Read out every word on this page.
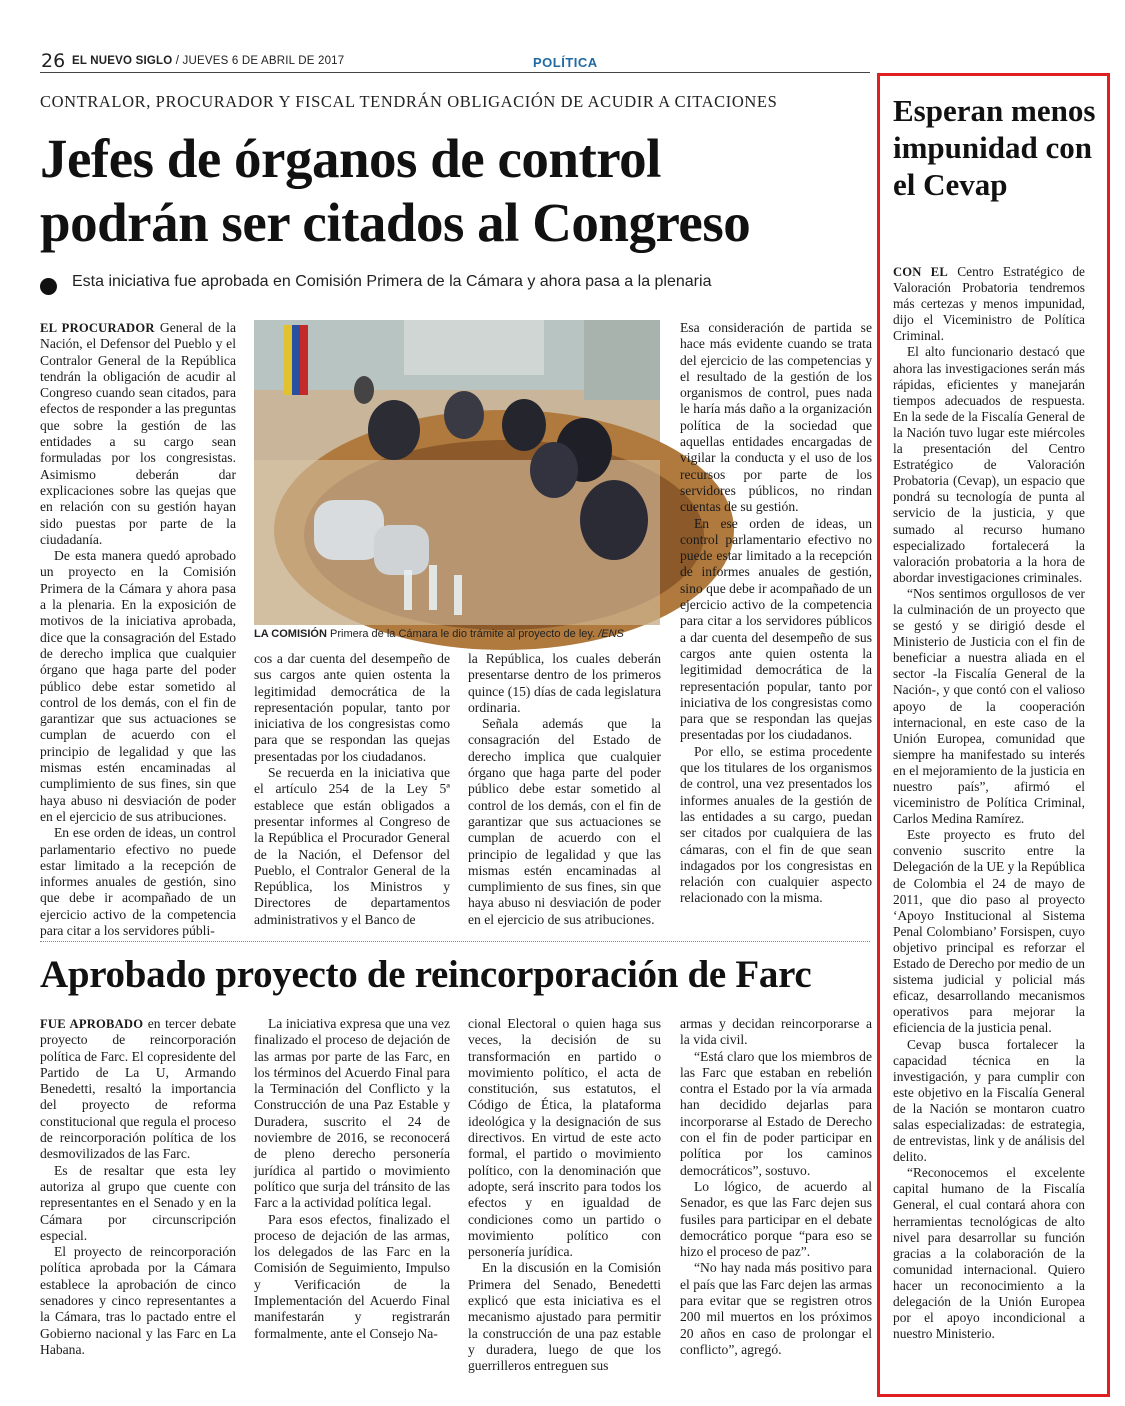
26 EL NUEVO SIGLO / JUEVES 6 DE ABRIL DE 2017	POLÍTICA
CONTRALOR, PROCURADOR Y FISCAL TENDRÁN OBLIGACIÓN DE ACUDIR A CITACIONES
Jefes de órganos de control
podrán ser citados al Congreso
Esta iniciativa fue aprobada en Comisión Primera de la Cámara y ahora pasa a la plenaria

EL PROCURADOR General de la Nación, el Defensor del Pueblo y el Contralor General de la República tendrán la obligación de acudir al Congreso cuando sean citados, para efectos de responder a las preguntas que sobre la gestión de las entidades a su cargo sean formuladas por los congresistas. Asimismo deberán dar explicaciones sobre las quejas que en relación con su gestión hayan sido puestas por parte de la ciudadanía.

De esta manera quedó aprobado un proyecto en la Comisión Primera de la Cámara y ahora pasa a la plenaria. En la exposición de motivos de la iniciativa aprobada, dice que la consagración del Estado de derecho implica que cualquier órgano que haga parte del poder público debe estar sometido al control de los demás, con el fin de garantizar que sus actuaciones se cumplan de acuerdo con el principio de legalidad y que las mismas estén encaminadas al cumplimiento de sus fines, sin que haya abuso ni desviación de poder en el ejercicio de sus atribuciones.

En ese orden de ideas, un control parlamentario efectivo no puede estar limitado a la recepción de informes anuales de gestión, sino que debe ir acompañado de un ejercicio activo de la competencia para citar a los servidores públi-

LA COMISIÓN Primera de la Cámara le dio trámite al proyecto de ley. /ENS

cos a dar cuenta del desempeño de sus cargos ante quien ostenta la legitimidad democrática de la representación popular, tanto por iniciativa de los congresistas como para que se respondan las quejas presentadas por los ciudadanos.

Se recuerda en la iniciativa que el artículo 254 de la Ley 5ª establece que están obligados a presentar informes al Congreso de la República el Procurador General de la Nación, el Defensor del Pueblo, el Contralor General de la República, los Ministros y Directores de departamentos administrativos y el Banco de

la República, los cuales deberán presentarse dentro de los primeros quince (15) días de cada legislatura ordinaria.

Señala además que la consagración del Estado de derecho implica que cualquier órgano que haga parte del poder público debe estar sometido al control de los demás, con el fin de garantizar que sus actuaciones se cumplan de acuerdo con el principio de legalidad y que las mismas estén encaminadas al cumplimiento de sus fines, sin que haya abuso ni desviación de poder en el ejercicio de sus atribuciones.

Esa consideración de partida se hace más evidente cuando se trata del ejercicio de las competencias y el resultado de la gestión de los organismos de control, pues nada le haría más daño a la organización política de la sociedad que aquellas entidades encargadas de vigilar la conducta y el uso de los recursos por parte de los servidores públicos, no rindan cuentas de su gestión.

En ese orden de ideas, un control parlamentario efectivo no puede estar limitado a la recepción de informes anuales de gestión, sino que debe ir acompañado de un ejercicio activo de la competencia para citar a los servidores públicos a dar cuenta del desempeño de sus cargos ante quien ostenta la legitimidad democrática de la representación popular, tanto por iniciativa de los congresistas como para que se respondan las quejas presentadas por los ciudadanos.

Por ello, se estima procedente que los titulares de los organismos de control, una vez presentados los informes anuales de la gestión de las entidades a su cargo, puedan ser citados por cualquiera de las cámaras, con el fin de que sean indagados por los congresistas en relación con cualquier aspecto relacionado con la misma.

Aprobado proyecto de reincorporación de Farc

FUE APROBADO en tercer debate proyecto de reincorporación política de Farc. El copresidente del Partido de La U, Armando Benedetti, resaltó la importancia del proyecto de reforma constitucional que regula el proceso de reincorporación política de los desmovilizados de las Farc.

Es de resaltar que esta ley autoriza al grupo que cuente con representantes en el Senado y en la Cámara por circunscripción especial.

El proyecto de reincorporación política aprobada por la Cámara establece la aprobación de cinco senadores y cinco representantes a la Cámara, tras lo pactado entre el Gobierno nacional y las Farc en La Habana.

La iniciativa expresa que una vez finalizado el proceso de dejación de las armas por parte de las Farc, en los términos del Acuerdo Final para la Terminación del Conflicto y la Construcción de una Paz Estable y Duradera, suscrito el 24 de noviembre de 2016, se reconocerá de pleno derecho personería jurídica al partido o movimiento político que surja del tránsito de las Farc a la actividad política legal.

Para esos efectos, finalizado el proceso de dejación de las armas, los delegados de las Farc en la Comisión de Seguimiento, Impulso y Verificación de la Implementación del Acuerdo Final manifestarán y registrarán formalmente, ante el Consejo Na-

cional Electoral o quien haga sus veces, la decisión de su transformación en partido o movimiento político, el acta de constitución, sus estatutos, el Código de Ética, la plataforma ideológica y la designación de sus directivos. En virtud de este acto formal, el partido o movimiento político, con la denominación que adopte, será inscrito para todos los efectos y en igualdad de condiciones como un partido o movimiento político con personería jurídica.

En la discusión en la Comisión Primera del Senado, Benedetti explicó que esta iniciativa es el mecanismo ajustado para permitir la construcción de una paz estable y duradera, luego de que los guerrilleros entreguen sus

armas y decidan reincorporarse a la vida civil.

“Está claro que los miembros de las Farc que estaban en rebelión contra el Estado por la vía armada han decidido dejarlas para incorporarse al Estado de Derecho con el fin de poder participar en política por los caminos democráticos”, sostuvo.

Lo lógico, de acuerdo al Senador, es que las Farc dejen sus fusiles para participar en el debate democrático porque “para eso se hizo el proceso de paz”.

“No hay nada más positivo para el país que las Farc dejen las armas para evitar que se registren otros 200 mil muertos en los próximos 20 años en caso de prolongar el conflicto”, agregó.

Esperan menos impunidad con el Cevap

CON EL Centro Estratégico de Valoración Probatoria tendremos más certezas y menos impunidad, dijo el Viceministro de Política Criminal.

El alto funcionario destacó que ahora las investigaciones serán más rápidas, eficientes y manejarán tiempos adecuados de respuesta. En la sede de la Fiscalía General de la Nación tuvo lugar este miércoles la presentación del Centro Estratégico de Valoración Probatoria (Cevap), un espacio que pondrá su tecnología de punta al servicio de la justicia, y que sumado al recurso humano especializado fortalecerá la valoración probatoria a la hora de abordar investigaciones criminales.

“Nos sentimos orgullosos de ver la culminación de un proyecto que se gestó y se dirigió desde el Ministerio de Justicia con el fin de beneficiar a nuestra aliada en el sector -la Fiscalía General de la Nación-, y que contó con el valioso apoyo de la cooperación internacional, en este caso de la Unión Europea, comunidad que siempre ha manifestado su interés en el mejoramiento de la justicia en nuestro país”, afirmó el viceministro de Política Criminal, Carlos Medina Ramírez.

Este proyecto es fruto del convenio suscrito entre la Delegación de la UE y la República de Colombia el 24 de mayo de 2011, que dio paso al proyecto ‘Apoyo Institucional al Sistema Penal Colombiano’ Forsispen, cuyo objetivo principal es reforzar el Estado de Derecho por medio de un sistema judicial y policial más eficaz, desarrollando mecanismos operativos para mejorar la eficiencia de la justicia penal.

Cevap busca fortalecer la capacidad técnica en la investigación, y para cumplir con este objetivo en la Fiscalía General de la Nación se montaron cuatro salas especializadas: de estrategia, de entrevistas, link y de análisis del delito.

“Reconocemos el excelente capital humano de la Fiscalía General, el cual contará ahora con herramientas tecnológicas de alto nivel para desarrollar su función gracias a la colaboración de la comunidad internacional. Quiero hacer un reconocimiento a la delegación de la Unión Europea por el apoyo incondicional a nuestro Ministerio.
